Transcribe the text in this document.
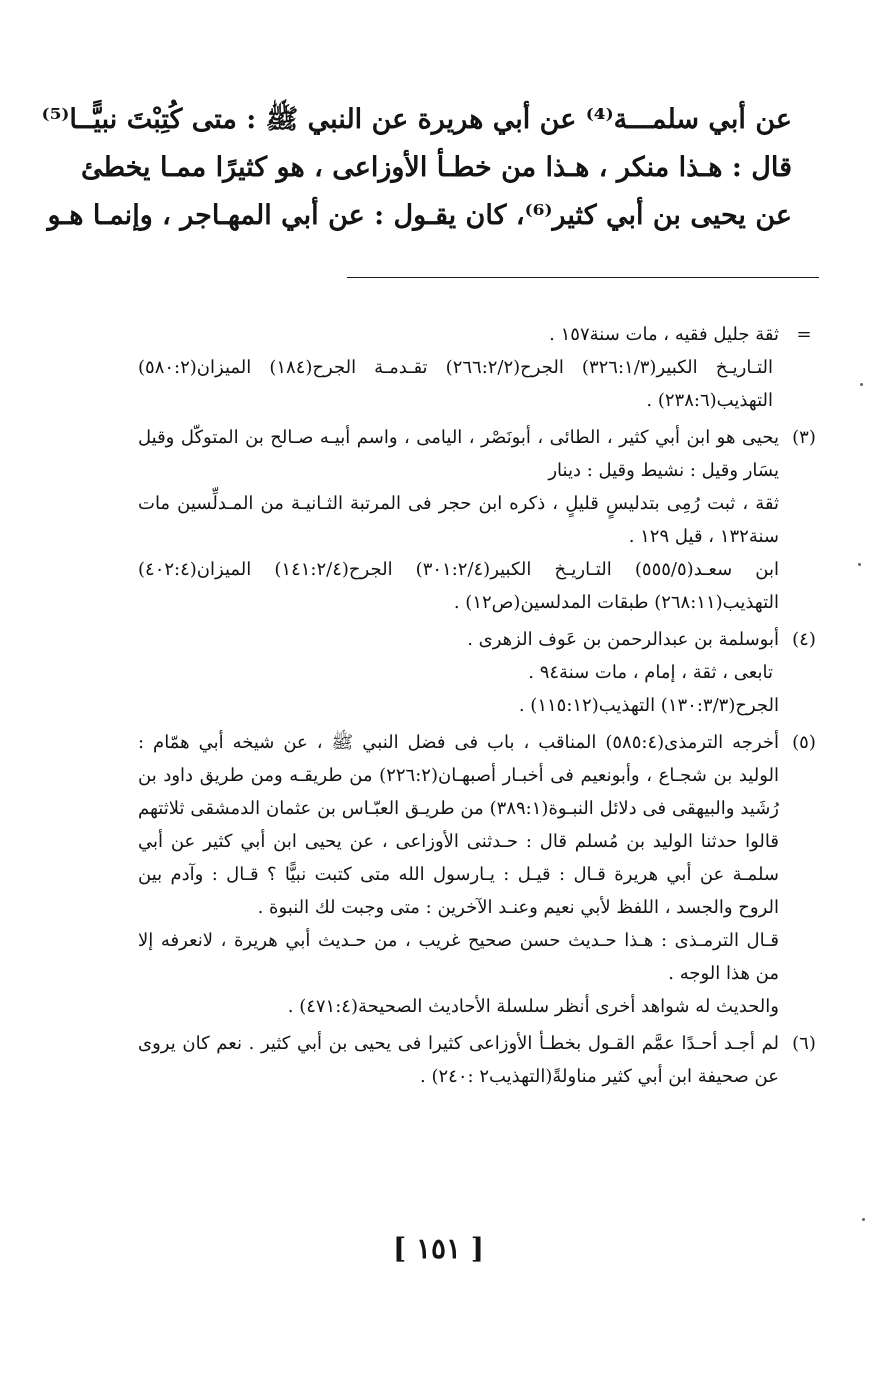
عن أبي سلمـــة⁽⁴⁾ عن أبي هريرة عن النبي ﷺ : متى كُتِبْتَ نبيًّــا⁽⁵⁾
قال : هـذا منكر ، هـذا من خطـأ الأوزاعى ، هو كثيرًا ممـا يخطئ
عن يحيى بن أبي كثير⁽⁶⁾، كان يقـول : عن أبي المهـاجر ، وإنمـا هـو
=
ثقة جليل فقيه ، مات سنة١٥٧ .
التـاريـخ الكبير(٣٢٦:١/٣) الجرح(٢٦٦:٢/٢) تقـدمـة الجرح(١٨٤) الميزان(٥٨٠:٢) التهذيب(٢٣٨:٦) .
(٣)
يحيى هو ابن أبي كثير ، الطائى ، أبونَصْر ، اليامى ، واسم أبيـه صـالح بن المتوكّل وقيل يسَار وقيل : نشيط وقيل : دينار
ثقة ، ثبت رُمِى بتدليسٍ قليلٍ ، ذكره ابن حجر فى المرتبة الثـانيـة من المـدلِّسين مات سنة١٣٢ ، قيل ١٢٩ .
ابن سعـد(٥٥٥/٥) التـاريـخ الكبير(٣٠١:٢/٤) الجرح(١٤١:٢/٤) الميزان(٤٠٢:٤) التهذيب(٢٦٨:١١) طبقات المدلسين(ص١٢) .
(٤)
أبوسلمة بن عبدالرحمن بن عَوف الزهرى .
تابعى ، ثقة ، إمام ، مات سنة٩٤ .
الجرح(١٣٠:٣/٣) التهذيب(١١٥:١٢) .
(٥)
أخرجه الترمذى(٥٨٥:٤) المناقب ، باب فى فضل النبي ﷺ ، عن شيخه أبي همّام : الوليد بن شجـاع ، وأبونعيم فى أخبـار أصبهـان(٢٢٦:٢) من طريقـه ومن طريق داود بن رُشَيد والبيهقى فى دلائل النبـوة(٣٨٩:١) من طريـق العبّـاس بن عثمان الدمشقى ثلاثتهم قالوا حدثنا الوليد بن مُسلم قال : حـدثنى الأوزاعى ، عن يحيى ابن أبي كثير عن أبي سلمـة عن أبي هريرة قـال : قيـل : يـارسول الله متى كتبت نبيًّا ؟ قـال : وآدم بين الروح والجسد ، اللفظ لأبي نعيم وعنـد الآخرين : متى وجبت لك النبوة .
قـال الترمـذى : هـذا حـديث حسن صحيح غريب ، من حـديث أبي هريرة ، لانعرفه إلا من هذا الوجه .
والحديث له شواهد أخرى أنظر سلسلة الأحاديث الصحيحة(٤٧١:٤) .
(٦)
لم أجـد أحـدًا عمَّم القـول بخطـأ الأوزاعى كثيرا فى يحيى بن أبي كثير . نعم كان يروى عن صحيفة ابن أبي كثير مناولةً(التهذيب٢ :٢٤٠) .
[ ١٥١ ]
